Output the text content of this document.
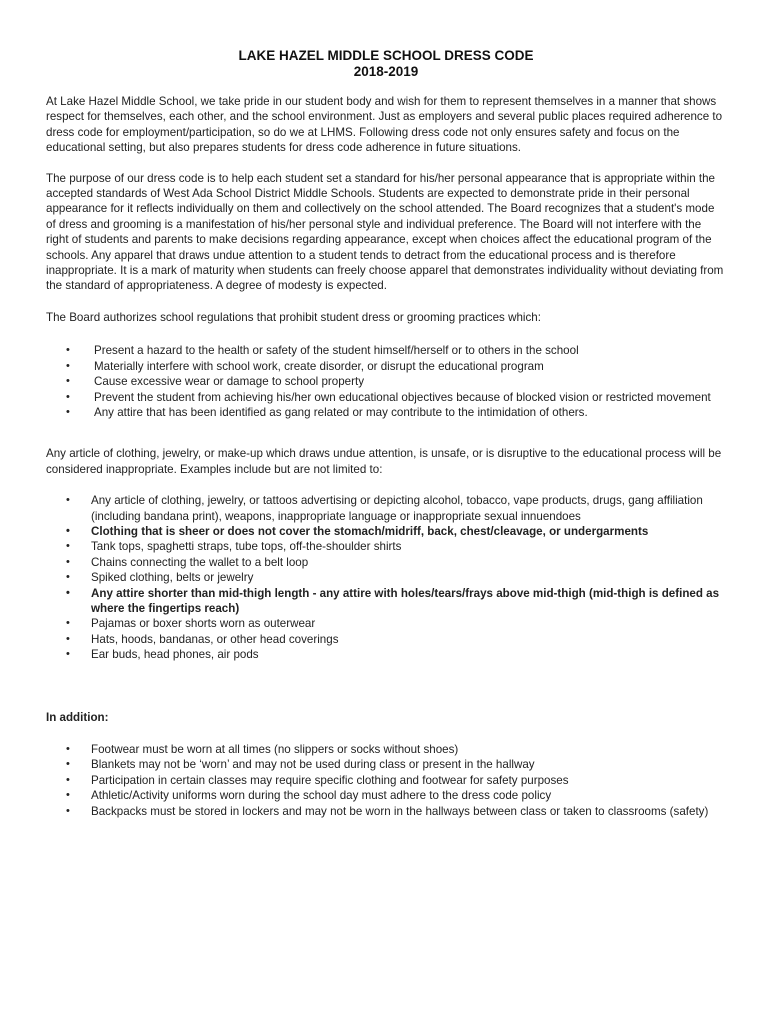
LAKE HAZEL MIDDLE SCHOOL DRESS CODE
2018-2019

At Lake Hazel Middle School, we take pride in our student body and wish for them to represent themselves in a manner that shows respect for themselves, each other, and the school environment. Just as employers and several public places required adherence to dress code for employment/participation, so do we at LHMS. Following dress code not only ensures safety and focus on the educational setting, but also prepares students for dress code adherence in future situations.

The purpose of our dress code is to help each student set a standard for his/her personal appearance that is appropriate within the accepted standards of West Ada School District Middle Schools. Students are expected to demonstrate pride in their personal appearance for it reflects individually on them and collectively on the school attended. The Board recognizes that a student's mode of dress and grooming is a manifestation of his/her personal style and individual preference. The Board will not interfere with the right of students and parents to make decisions regarding appearance, except when choices affect the educational program of the schools. Any apparel that draws undue attention to a student tends to detract from the educational process and is therefore inappropriate. It is a mark of maturity when students can freely choose apparel that demonstrates individuality without deviating from the standard of appropriateness. A degree of modesty is expected.

The Board authorizes school regulations that prohibit student dress or grooming practices which:

• Present a hazard to the health or safety of the student himself/herself or to others in the school
• Materially interfere with school work, create disorder, or disrupt the educational program
• Cause excessive wear or damage to school property
• Prevent the student from achieving his/her own educational objectives because of blocked vision or restricted movement
• Any attire that has been identified as gang related or may contribute to the intimidation of others.

Any article of clothing, jewelry, or make-up which draws undue attention, is unsafe, or is disruptive to the educational process will be considered inappropriate. Examples include but are not limited to:

• Any article of clothing, jewelry, or tattoos advertising or depicting alcohol, tobacco, vape products, drugs, gang affiliation (including bandana print), weapons, inappropriate language or inappropriate sexual innuendoes
• Clothing that is sheer or does not cover the stomach/midriff, back, chest/cleavage, or undergarments
• Tank tops, spaghetti straps, tube tops, off-the-shoulder shirts
• Chains connecting the wallet to a belt loop
• Spiked clothing, belts or jewelry
• Any attire shorter than mid-thigh length - any attire with holes/tears/frays above mid-thigh (mid-thigh is defined as where the fingertips reach)
• Pajamas or boxer shorts worn as outerwear
• Hats, hoods, bandanas, or other head coverings
• Ear buds, head phones, air pods

In addition:

• Footwear must be worn at all times (no slippers or socks without shoes)
• Blankets may not be ‘worn’ and may not be used during class or present in the hallway
• Participation in certain classes may require specific clothing and footwear for safety purposes
• Athletic/Activity uniforms worn during the school day must adhere to the dress code policy
• Backpacks must be stored in lockers and may not be worn in the hallways between class or taken to classrooms (safety)
